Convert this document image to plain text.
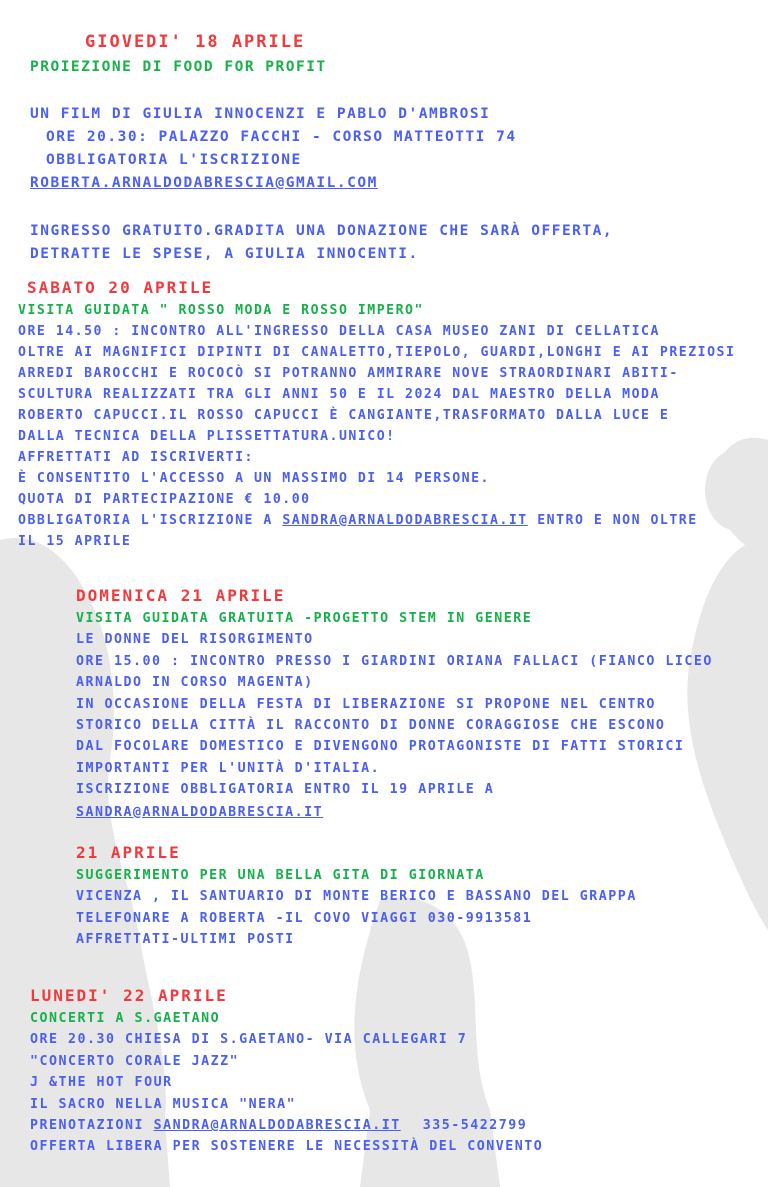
GIOVEDI' 18 APRILE
PROIEZIONE DI FOOD FOR PROFIT
UN FILM DI GIULIA INNOCENZI E PABLO D'AMBROSI
ORE 20.30: PALAZZO FACCHI - CORSO MATTEOTTI 74
OBBLIGATORIA L'ISCRIZIONE
ROBERTA.ARNALDODABRESCIA@GMAIL.COM
INGRESSO GRATUITO.GRADITA UNA DONAZIONE CHE SARÀ OFFERTA,
DETRATTE LE SPESE, A GIULIA INNOCENTI.
SABATO 20 APRILE
VISITA GUIDATA " ROSSO MODA E ROSSO IMPERO"
ORE 14.50 : INCONTRO ALL'INGRESSO DELLA CASA MUSEO ZANI DI CELLATICA
OLTRE AI MAGNIFICI DIPINTI DI CANALETTO,TIEPOLO, GUARDI,LONGHI E AI PREZIOSI
ARREDI BAROCCHI E ROCOCÒ SI POTRANNO AMMIRARE NOVE STRAORDINARI ABITI-
SCULTURA REALIZZATI TRA GLI ANNI 50 E IL 2024 DAL MAESTRO DELLA MODA
ROBERTO CAPUCCI.IL ROSSO CAPUCCI È CANGIANTE,TRASFORMATO DALLA LUCE E
DALLA TECNICA DELLA PLISSETTATURA.UNICO!
AFFRETTATI AD ISCRIVERTI:
È CONSENTITO L'ACCESSO A UN MASSIMO DI 14 PERSONE.
QUOTA DI PARTECIPAZIONE € 10.00
OBBLIGATORIA L'ISCRIZIONE A SANDRA@ARNALDODABRESCIA.IT ENTRO E NON OLTRE
IL 15 APRILE
DOMENICA 21 APRILE
VISITA GUIDATA GRATUITA -PROGETTO STEM IN GENERE
LE DONNE DEL RISORGIMENTO
ORE 15.00 : INCONTRO PRESSO I GIARDINI ORIANA FALLACI (FIANCO LICEO
ARNALDO IN CORSO MAGENTA)
IN OCCASIONE DELLA FESTA DI LIBERAZIONE SI PROPONE NEL CENTRO
STORICO DELLA CITTÀ IL RACCONTO DI DONNE CORAGGIOSE CHE ESCONO
DAL FOCOLARE DOMESTICO E DIVENGONO PROTAGONISTE DI FATTI STORICI
IMPORTANTI PER L'UNITÀ D'ITALIA.
ISCRIZIONE OBBLIGATORIA ENTRO IL 19 APRILE A
SANDRA@ARNALDODABRESCIA.IT
21 APRILE
SUGGERIMENTO PER UNA BELLA GITA DI GIORNATA
VICENZA , IL SANTUARIO DI MONTE BERICO E BASSANO DEL GRAPPA
TELEFONARE A ROBERTA -IL COVO VIAGGI 030-9913581
AFFRETTATI-ULTIMI POSTI
LUNEDI' 22 APRILE
CONCERTI A S.GAETANO
ORE 20.30 CHIESA DI S.GAETANO- VIA CALLEGARI 7
"CONCERTO CORALE JAZZ"
J &THE HOT FOUR
IL SACRO NELLA MUSICA "NERA"
PRENOTAZIONI SANDRA@ARNALDODABRESCIA.IT 335-5422799
OFFERTA LIBERA PER SOSTENERE LE NECESSITÀ DEL CONVENTO
